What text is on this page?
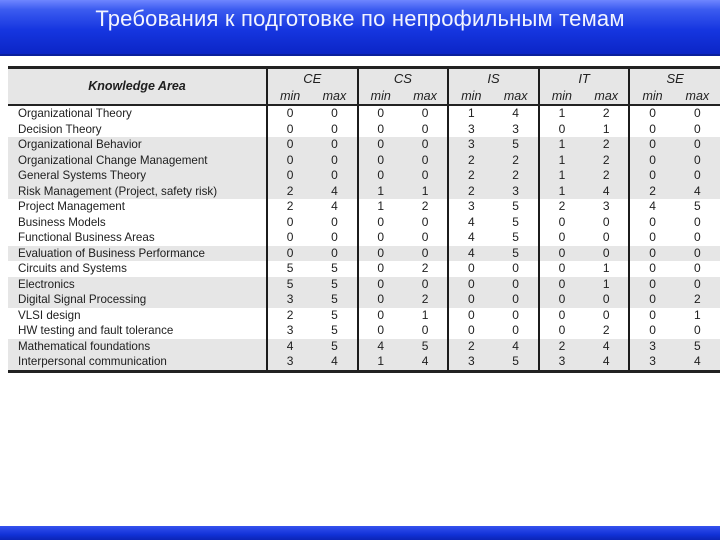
Требования к подготовке по непрофильным темам
Knowledge Area	CE		CS		IS		IT		SE	
	min	max	min	max	min	max	min	max	min	max
Organizational Theory	0	0	0	0	1	4	1	2	0	0
Decision Theory	0	0	0	0	3	3	0	1	0	0
Organizational Behavior	0	0	0	0	3	5	1	2	0	0
Organizational Change Management	0	0	0	0	2	2	1	2	0	0
General Systems Theory	0	0	0	0	2	2	1	2	0	0
Risk Management (Project, safety risk)	2	4	1	1	2	3	1	4	2	4
Project Management	2	4	1	2	3	5	2	3	4	5
Business Models	0	0	0	0	4	5	0	0	0	0
Functional Business Areas	0	0	0	0	4	5	0	0	0	0
Evaluation of Business Performance	0	0	0	0	4	5	0	0	0	0
Circuits and Systems	5	5	0	2	0	0	0	1	0	0
Electronics	5	5	0	0	0	0	0	1	0	0
Digital Signal Processing	3	5	0	2	0	0	0	0	0	2
VLSI design	2	5	0	1	0	0	0	0	0	1
HW testing and fault tolerance	3	5	0	0	0	0	0	2	0	0
Mathematical foundations	4	5	4	5	2	4	2	4	3	5
Interpersonal communication	3	4	1	4	3	5	3	4	3	4
